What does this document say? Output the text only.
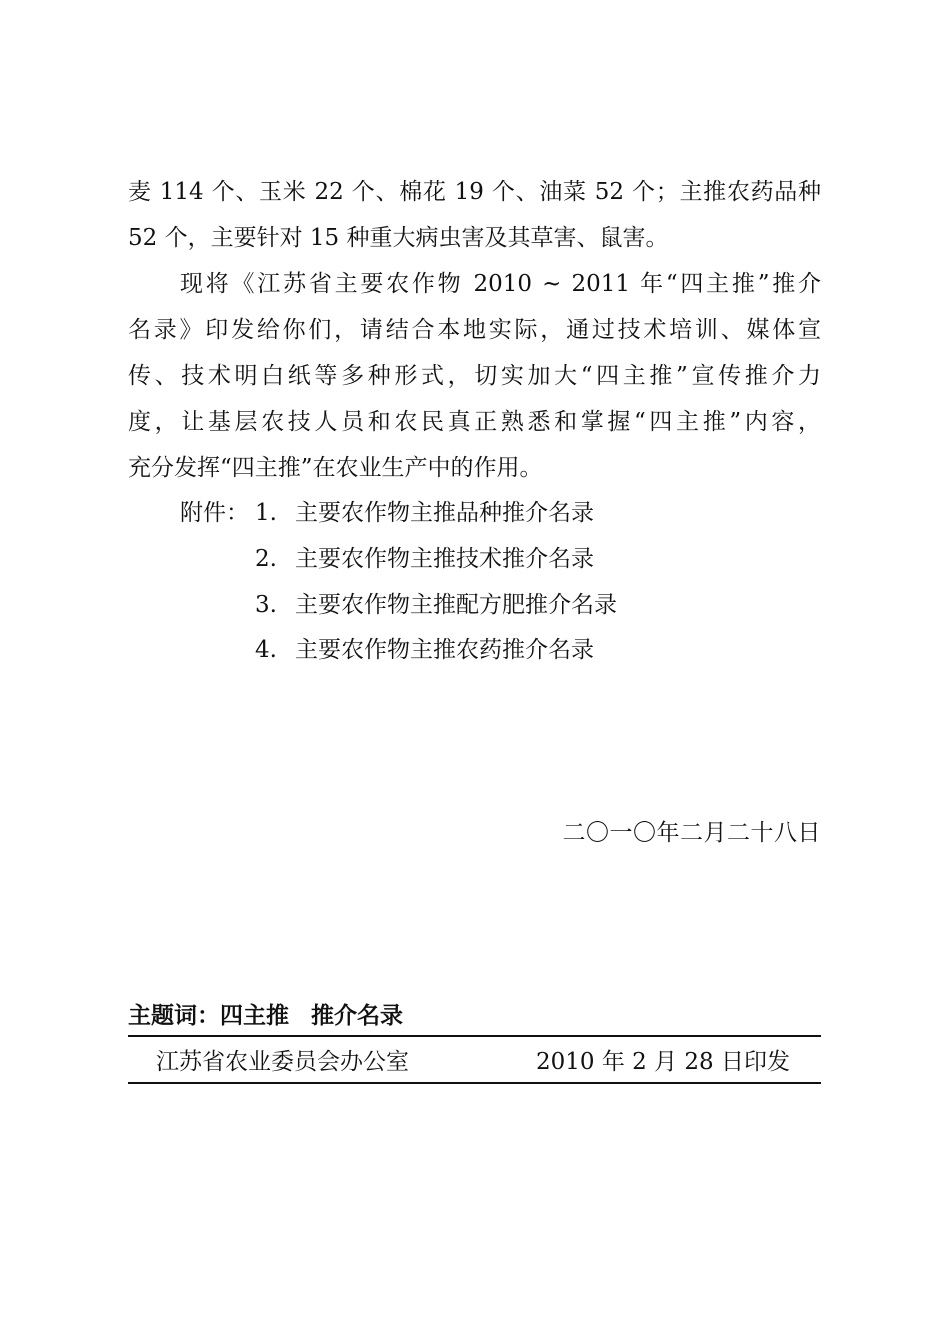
麦 114 个、玉米 22 个、棉花 19 个、油菜 52 个；主推农药品种
52 个，主要针对 15 种重大病虫害及其草害、鼠害。
现将《江苏省主要农作物 2010 ~ 2011 年“四主推”推介
名录》印发给你们，请结合本地实际，通过技术培训、媒体宣
传、技术明白纸等多种形式，切实加大“四主推”宣传推介力
度，让基层农技人员和农民真正熟悉和掌握“四主推”内容，
充分发挥“四主推”在农业生产中的作用。
附件： 1. 主要农作物主推品种推介名录
2. 主要农作物主推技术推介名录
3. 主要农作物主推配方肥推介名录
4. 主要农作物主推农药推介名录
二〇一〇年二月二十八日
主题词：四主推 推介名录
江苏省农业委员会办公室	2010 年 2 月 28 日印发
